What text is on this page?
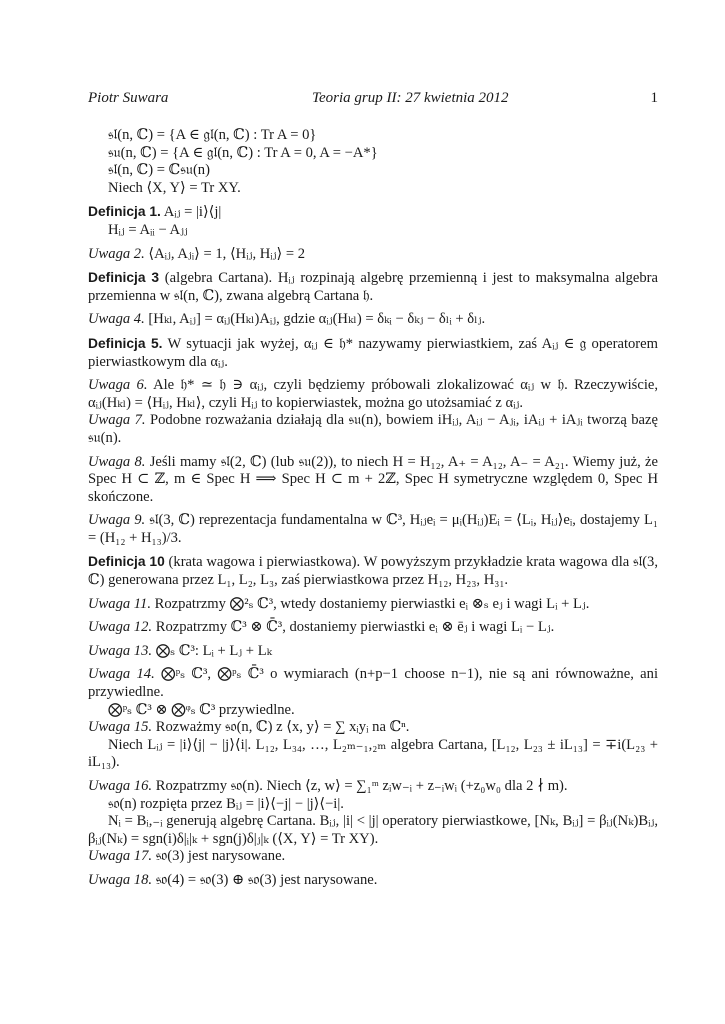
Piotr Suwara	Teoria grup II: 27 kwietnia 2012	1

𝔰𝔩(n, ℂ) = {A ∈ 𝔤𝔩(n, ℂ) : Tr A = 0}

𝔰𝔲(n, ℂ) = {A ∈ 𝔤𝔩(n, ℂ) : Tr A = 0, A = −A*}

𝔰𝔩(n, ℂ) = ℂ𝔰𝔲(n)

Niech ⟨X, Y⟩ = Tr XY.

Definicja 1. Aᵢⱼ = |i⟩⟨j|

Hᵢⱼ = Aᵢᵢ − Aⱼⱼ

Uwaga 2. ⟨Aᵢⱼ, Aⱼᵢ⟩ = 1, ⟨Hᵢⱼ, Hᵢⱼ⟩ = 2

Definicja 3 (algebra Cartana). Hᵢⱼ rozpinają algebrę przemienną i jest to maksymalna algebra przemienna w 𝔰𝔩(n, ℂ), zwana algebrą Cartana 𝔥.

Uwaga 4. [Hₖₗ, Aᵢⱼ] = αᵢⱼ(Hₖₗ)Aᵢⱼ, gdzie αᵢⱼ(Hₖₗ) = δₖᵢ − δₖⱼ − δₗᵢ + δₗⱼ.

Definicja 5. W sytuacji jak wyżej, αᵢⱼ ∈ 𝔥* nazywamy pierwiastkiem, zaś Aᵢⱼ ∈ 𝔤 operatorem pierwiastkowym dla αᵢⱼ.

Uwaga 6. Ale 𝔥* ≃ 𝔥 ∋ αᵢⱼ, czyli będziemy próbowali zlokalizować αᵢⱼ w 𝔥. Rzeczywiście, αᵢⱼ(Hₖₗ) = ⟨Hᵢⱼ, Hₖₗ⟩, czyli Hᵢⱼ to kopierwiastek, można go utożsamiać z αᵢⱼ.

Uwaga 7. Podobne rozważania działają dla 𝔰𝔲(n), bowiem iHᵢⱼ, Aᵢⱼ − Aⱼᵢ, iAᵢⱼ + iAⱼᵢ tworzą bazę 𝔰𝔲(n).

Uwaga 8. Jeśli mamy 𝔰𝔩(2, ℂ) (lub 𝔰𝔲(2)), to niech H = H₁₂, A₊ = A₁₂, A₋ = A₂₁. Wiemy już, że Spec H ⊂ ℤ, m ∈ Spec H ⟹ Spec H ⊂ m + 2ℤ, Spec H symetryczne względem 0, Spec H skończone.

Uwaga 9. 𝔰𝔩(3, ℂ) reprezentacja fundamentalna w ℂ³, Hᵢⱼeᵢ = μᵢ(Hᵢⱼ)Eᵢ = ⟨Lᵢ, Hᵢⱼ⟩eᵢ, dostajemy L₁ = (H₁₂ + H₁₃)/3.

Definicja 10 (krata wagowa i pierwiastkowa). W powyższym przykładzie krata wagowa dla 𝔰𝔩(3, ℂ) generowana przez L₁, L₂, L₃, zaś pierwiastkowa przez H₁₂, H₂₃, H₃₁.

Uwaga 11. Rozpatrzmy ⨂²ₛ ℂ³, wtedy dostaniemy pierwiastki eᵢ ⊗ₛ eⱼ i wagi Lᵢ + Lⱼ.

Uwaga 12. Rozpatrzmy ℂ³ ⊗ ℂ̄³, dostaniemy pierwiastki eᵢ ⊗ ēⱼ i wagi Lᵢ − Lⱼ.

Uwaga 13. ⨂ₛ ℂ³: Lᵢ + Lⱼ + Lₖ

Uwaga 14. ⨂ᵖₛ ℂ³, ⨂ᵖₛ ℂ̄³ o wymiarach (n+p−1 choose n−1), nie są ani równoważne, ani przywiedlne.

⨂ᵖₛ ℂ³ ⊗ ⨂ᵠₛ ℂ³ przywiedlne.

Uwaga 15. Rozważmy 𝔰𝔬(n, ℂ) z ⟨x, y⟩ = ∑ xᵢyᵢ na ℂⁿ.

Niech Lᵢⱼ = |i⟩⟨j| − |j⟩⟨i|. L₁₂, L₃₄, …, L₂ₘ₋₁,₂ₘ algebra Cartana, [L₁₂, L₂₃ ± iL₁₃] = ∓i(L₂₃ + iL₁₃).

Uwaga 16. Rozpatrzmy 𝔰𝔬(n). Niech ⟨z, w⟩ = ∑₁ᵐ zᵢw₋ᵢ + z₋ᵢwᵢ (+z₀w₀ dla 2 ∤ m).

𝔰𝔬(n) rozpięta przez Bᵢⱼ = |i⟩⟨−j| − |j⟩⟨−i|.

Nᵢ = Bᵢ,₋ᵢ generują algebrę Cartana. Bᵢⱼ, |i| < |j| operatory pierwiastkowe, [Nₖ, Bᵢⱼ] = βᵢⱼ(Nₖ)Bᵢⱼ, βᵢⱼ(Nₖ) = sgn(i)δ|ᵢ|ₖ + sgn(j)δ|ⱼ|ₖ (⟨X, Y⟩ = Tr XY).

Uwaga 17. 𝔰𝔬(3) jest narysowane.

Uwaga 18. 𝔰𝔬(4) = 𝔰𝔬(3) ⊕ 𝔰𝔬(3) jest narysowane.
